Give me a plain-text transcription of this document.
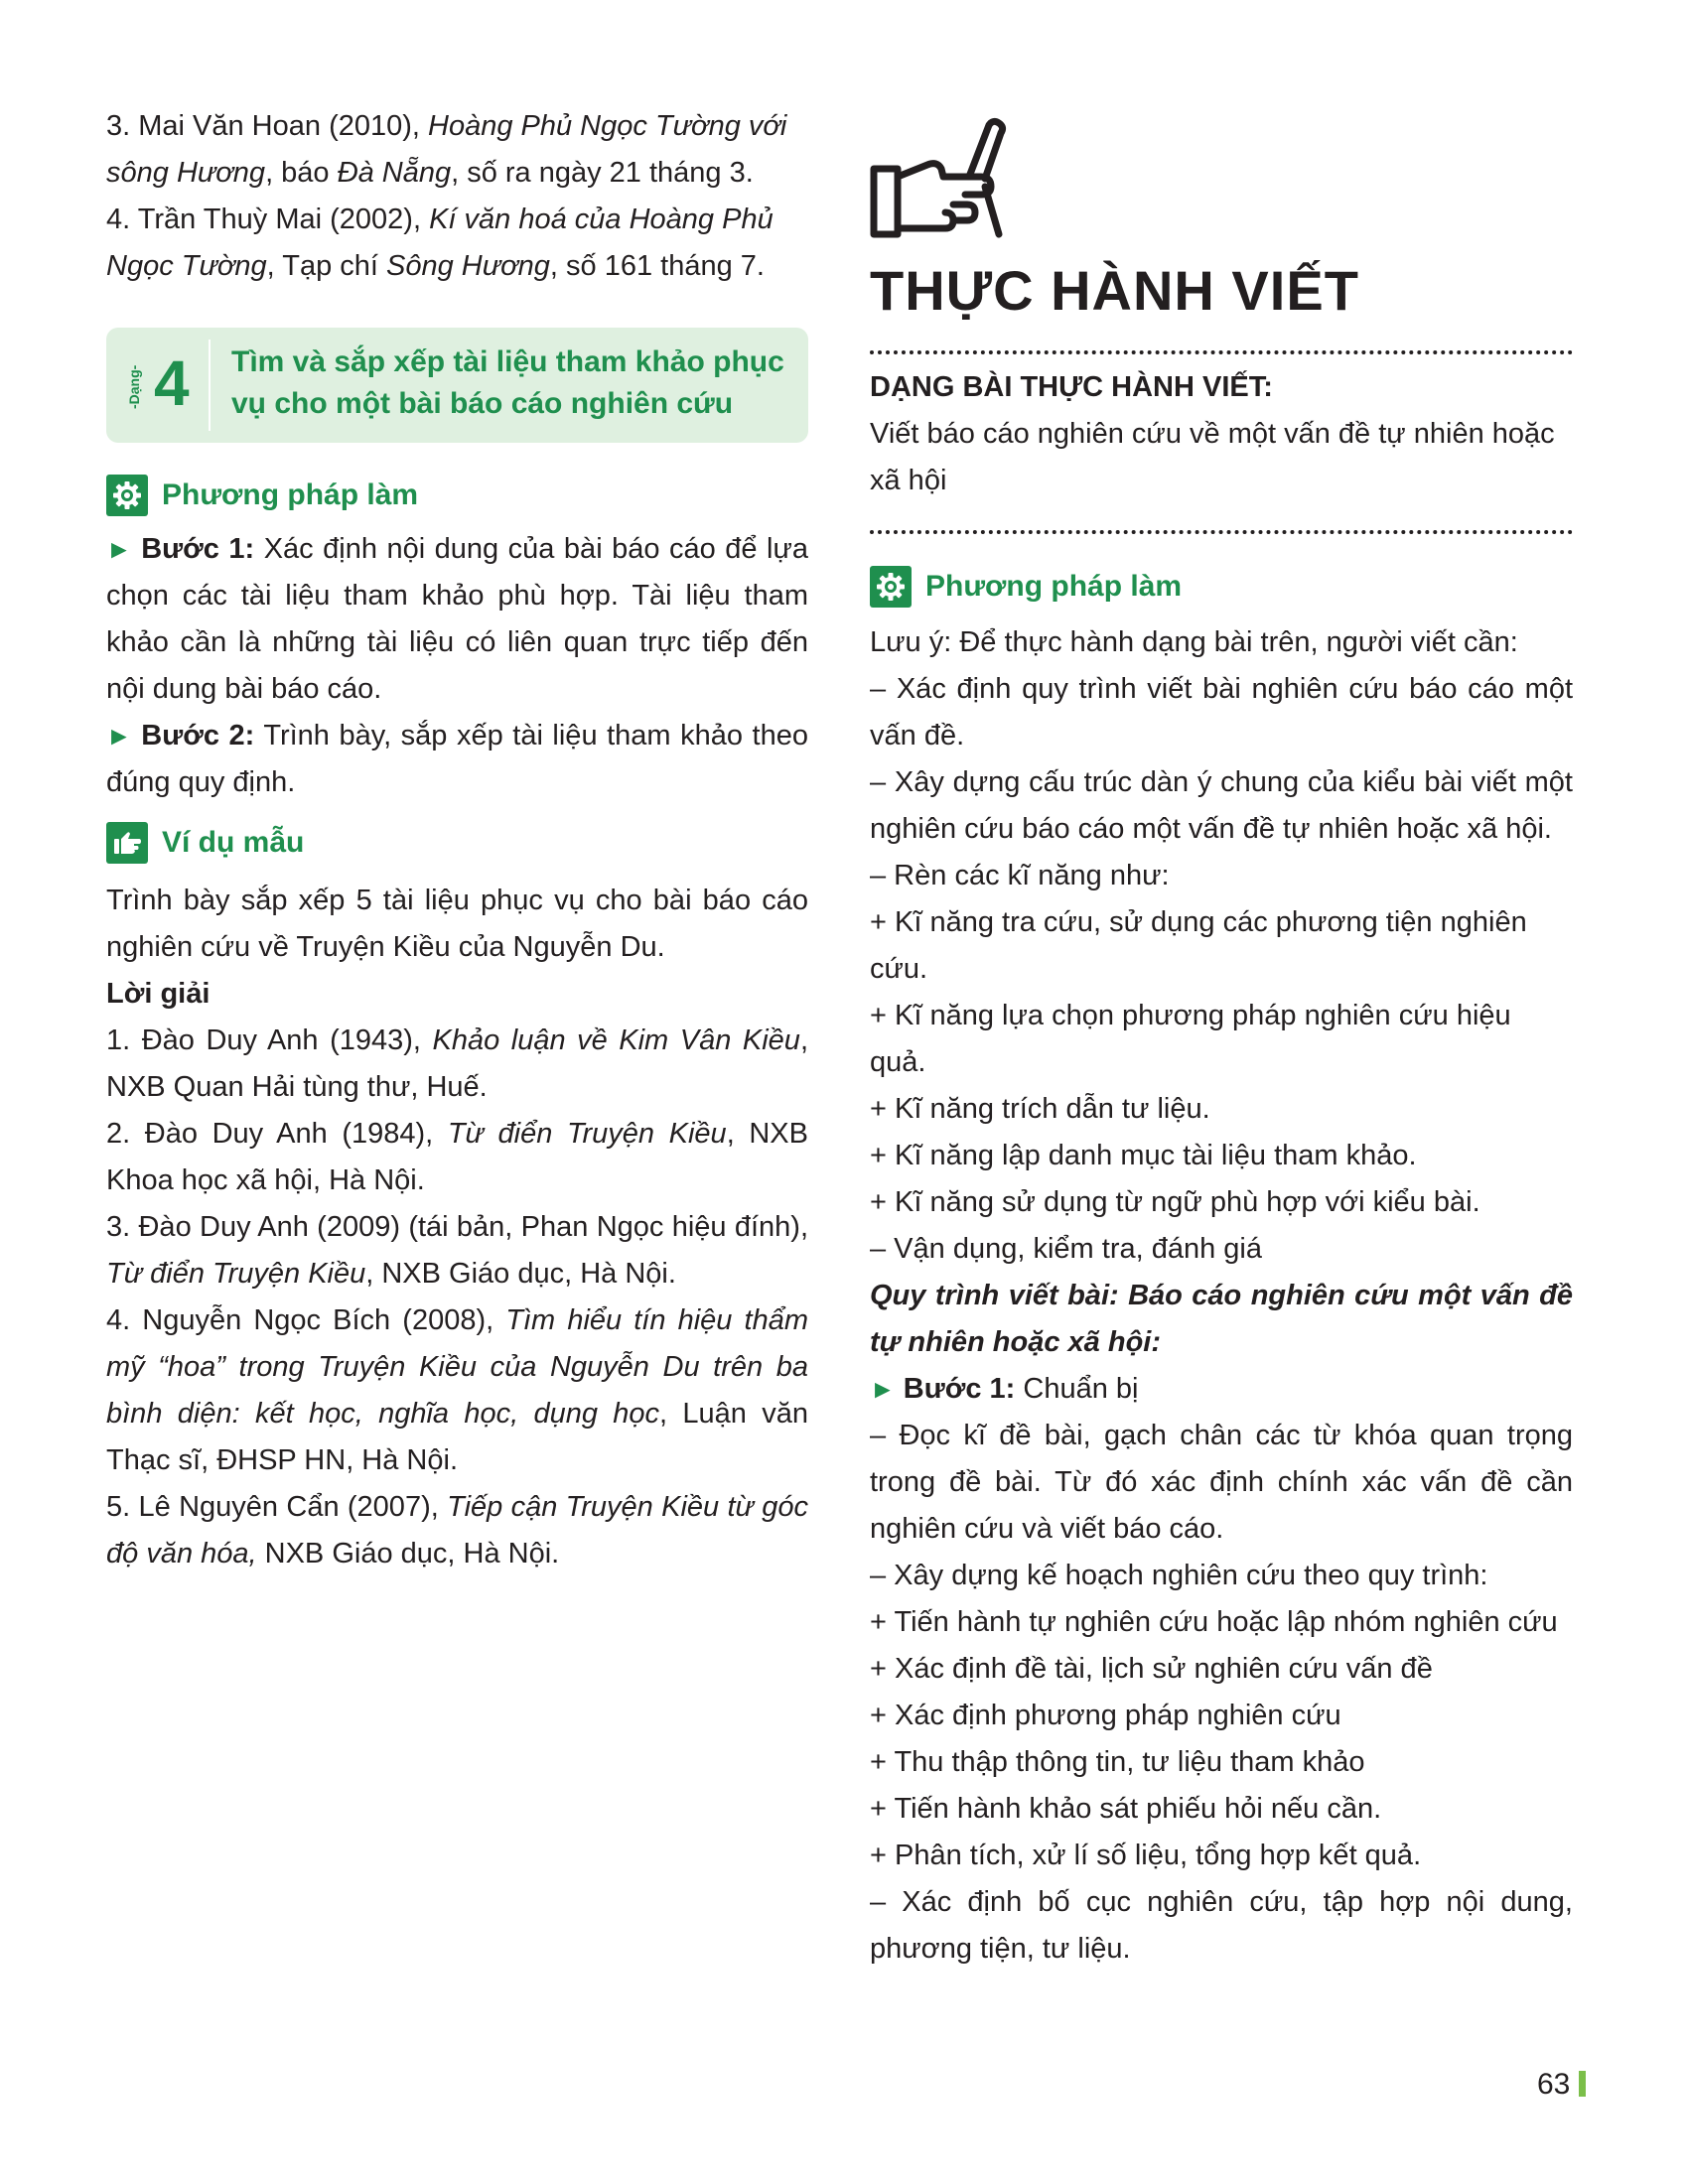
3. Mai Văn Hoan (2010), Hoàng Phủ Ngọc Tường với sông Hương, báo Đà Nẵng, số ra ngày 21 tháng 3.

4. Trần Thuỳ Mai (2002), Kí văn hoá của Hoàng Phủ Ngọc Tường, Tạp chí Sông Hương, số 161 tháng 7.

-Dạng- 4 Tìm và sắp xếp tài liệu tham khảo phục vụ cho một bài báo cáo nghiên cứu
Phương pháp làm

► Bước 1: Xác định nội dung của bài báo cáo để lựa chọn các tài liệu tham khảo phù hợp. Tài liệu tham khảo cần là những tài liệu có liên quan trực tiếp đến nội dung bài báo cáo.

► Bước 2: Trình bày, sắp xếp tài liệu tham khảo theo đúng quy định.

Ví dụ mẫu

Trình bày sắp xếp 5 tài liệu phục vụ cho bài báo cáo nghiên cứu về Truyện Kiều của Nguyễn Du.

Lời giải

1. Đào Duy Anh (1943), Khảo luận về Kim Vân Kiều, NXB Quan Hải tùng thư, Huế.

2. Đào Duy Anh (1984), Từ điển Truyện Kiều, NXB Khoa học xã hội, Hà Nội.

3. Đào Duy Anh (2009) (tái bản, Phan Ngọc hiệu đính), Từ điển Truyện Kiều, NXB Giáo dục, Hà Nội.

4. Nguyễn Ngọc Bích (2008), Tìm hiểu tín hiệu thẩm mỹ “hoa” trong Truyện Kiều của Nguyễn Du trên ba bình diện: kết học, nghĩa học, dụng học, Luận văn Thạc sĩ, ĐHSP HN, Hà Nội.

5. Lê Nguyên Cẩn (2007), Tiếp cận Truyện Kiều từ góc độ văn hóa, NXB Giáo dục, Hà Nội.

THỰC HÀNH VIẾT

DẠNG BÀI THỰC HÀNH VIẾT:

Viết báo cáo nghiên cứu về một vấn đề tự nhiên hoặc xã hội

Phương pháp làm

Lưu ý: Để thực hành dạng bài trên, người viết cần:

– Xác định quy trình viết bài nghiên cứu báo cáo một vấn đề.

– Xây dựng cấu trúc dàn ý chung của kiểu bài viết một nghiên cứu báo cáo một vấn đề tự nhiên hoặc xã hội.

– Rèn các kĩ năng như:

+ Kĩ năng tra cứu, sử dụng các phương tiện nghiên cứu.

+ Kĩ năng lựa chọn phương pháp nghiên cứu hiệu quả.

+ Kĩ năng trích dẫn tư liệu.

+ Kĩ năng lập danh mục tài liệu tham khảo.

+ Kĩ năng sử dụng từ ngữ phù hợp với kiểu bài.

– Vận dụng, kiểm tra, đánh giá

Quy trình viết bài: Báo cáo nghiên cứu một vấn đề tự nhiên hoặc xã hội:

► Bước 1: Chuẩn bị

– Đọc kĩ đề bài, gạch chân các từ khóa quan trọng trong đề bài. Từ đó xác định chính xác vấn đề cần nghiên cứu và viết báo cáo.

– Xây dựng kế hoạch nghiên cứu theo quy trình:

+ Tiến hành tự nghiên cứu hoặc lập nhóm nghiên cứu

+ Xác định đề tài, lịch sử nghiên cứu vấn đề

+ Xác định phương pháp nghiên cứu

+ Thu thập thông tin, tư liệu tham khảo

+ Tiến hành khảo sát phiếu hỏi nếu cần.

+ Phân tích, xử lí số liệu, tổng hợp kết quả.

– Xác định bố cục nghiên cứu, tập hợp nội dung, phương tiện, tư liệu.

63
